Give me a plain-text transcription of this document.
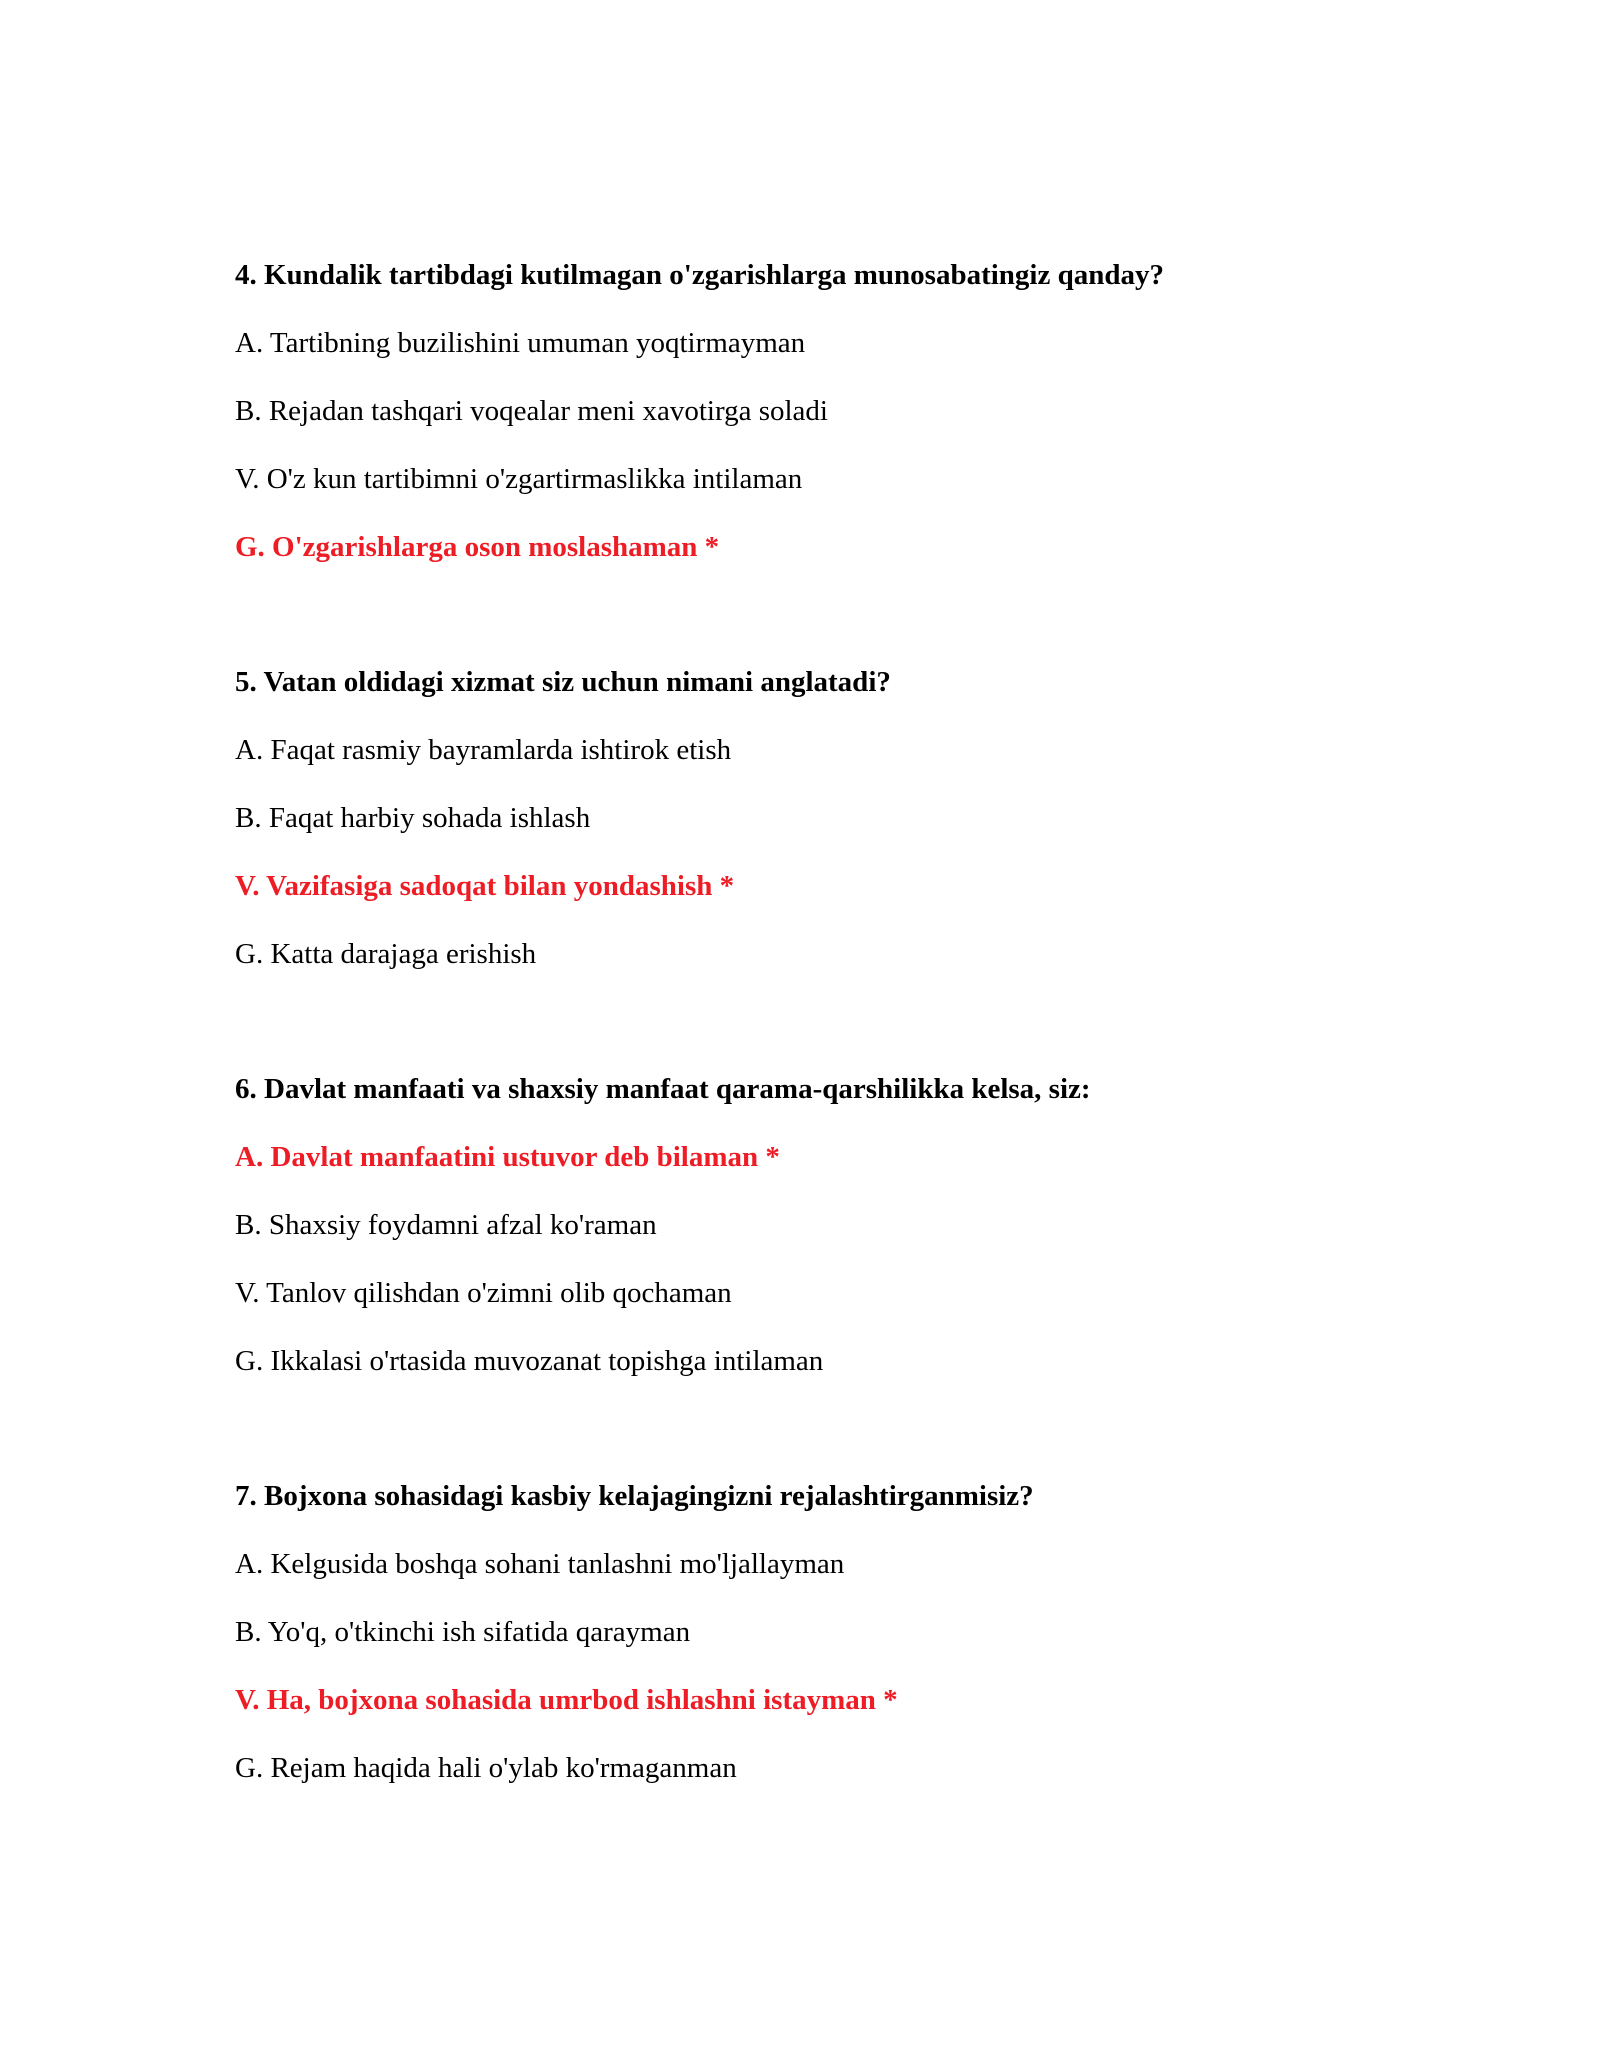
4. Kundalik tartibdagi kutilmagan o'zgarishlarga munosabatingiz qanday?

A. Tartibning buzilishini umuman yoqtirmayman

B. Rejadan tashqari voqealar meni xavotirga soladi

V. O'z kun tartibimni o'zgartirmaslikka intilaman

G. O'zgarishlarga oson moslashaman *

5. Vatan oldidagi xizmat siz uchun nimani anglatadi?

A. Faqat rasmiy bayramlarda ishtirok etish

B. Faqat harbiy sohada ishlash

V. Vazifasiga sadoqat bilan yondashish *

G. Katta darajaga erishish

6. Davlat manfaati va shaxsiy manfaat qarama-qarshilikka kelsa, siz:

A. Davlat manfaatini ustuvor deb bilaman *

B. Shaxsiy foydamni afzal ko'raman

V. Tanlov qilishdan o'zimni olib qochaman

G. Ikkalasi o'rtasida muvozanat topishga intilaman

7. Bojxona sohasidagi kasbiy kelajagingizni rejalashtirganmisiz?

A. Kelgusida boshqa sohani tanlashni mo'ljallayman

B. Yo'q, o'tkinchi ish sifatida qarayman

V. Ha, bojxona sohasida umrbod ishlashni istayman *

G. Rejam haqida hali o'ylab ko'rmaganman
